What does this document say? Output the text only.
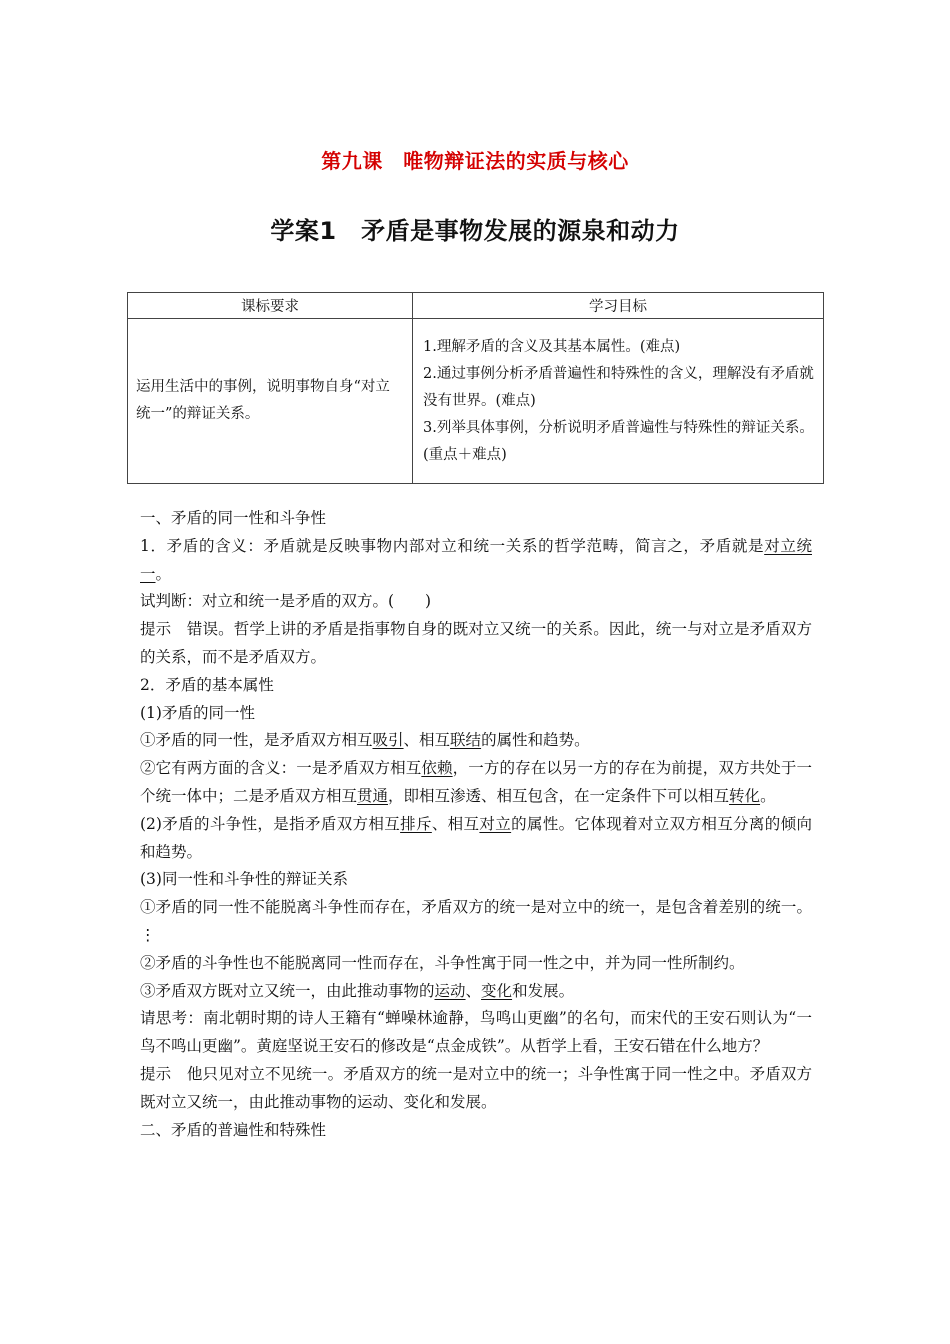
第九课　唯物辩证法的实质与核心
学案1　矛盾是事物发展的源泉和动力
课标要求	学习目标
运用生活中的事例，说明事物自身“对立统一”的辩证关系。	1.理解矛盾的含义及其基本属性。(难点)
2.通过事例分析矛盾普遍性和特殊性的含义，理解没有矛盾就没有世界。(难点)
3.列举具体事例，分析说明矛盾普遍性与特殊性的辩证关系。(重点＋难点)

一、矛盾的同一性和斗争性

1．矛盾的含义：矛盾就是反映事物内部对立和统一关系的哲学范畴，简言之，矛盾就是对立统一。

试判断：对立和统一是矛盾的双方。(　　)

提示　错误。哲学上讲的矛盾是指事物自身的既对立又统一的关系。因此，统一与对立是矛盾双方的关系，而不是矛盾双方。

2．矛盾的基本属性

(1)矛盾的同一性

①矛盾的同一性，是矛盾双方相互吸引、相互联结的属性和趋势。

②它有两方面的含义：一是矛盾双方相互依赖，一方的存在以另一方的存在为前提，双方共处于一个统一体中；二是矛盾双方相互贯通，即相互渗透、相互包含，在一定条件下可以相互转化。

(2)矛盾的斗争性，是指矛盾双方相互排斥、相互对立的属性。它体现着对立双方相互分离的倾向和趋势。

(3)同一性和斗争性的辩证关系

①矛盾的同一性不能脱离斗争性而存在，矛盾双方的统一是对立中的统一，是包含着差别的统一。⋮

②矛盾的斗争性也不能脱离同一性而存在，斗争性寓于同一性之中，并为同一性所制约。

③矛盾双方既对立又统一，由此推动事物的运动、变化和发展。

请思考：南北朝时期的诗人王籍有“蝉噪林逾静，鸟鸣山更幽”的名句，而宋代的王安石则认为“一鸟不鸣山更幽”。黄庭坚说王安石的修改是“点金成铁”。从哲学上看，王安石错在什么地方？

提示　他只见对立不见统一。矛盾双方的统一是对立中的统一；斗争性寓于同一性之中。矛盾双方既对立又统一，由此推动事物的运动、变化和发展。

二、矛盾的普遍性和特殊性
